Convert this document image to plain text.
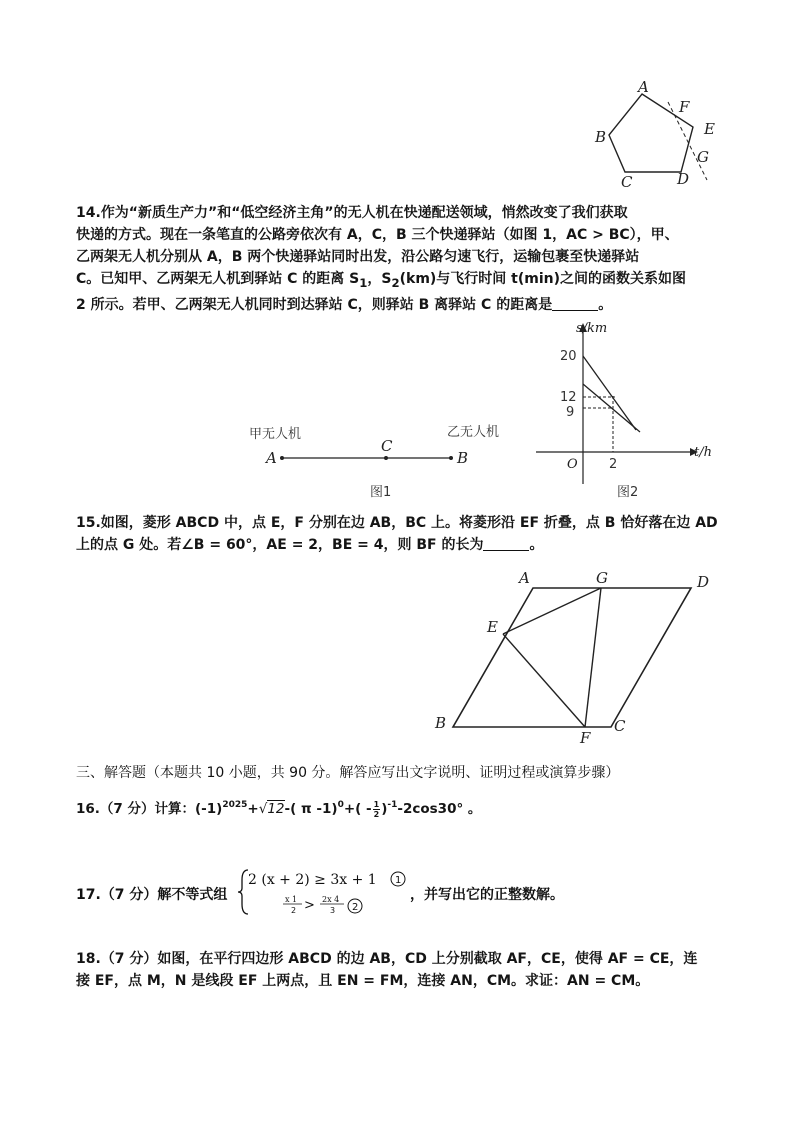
A
F
E
G
D
C
B
14.作为“新质生产力”和“低空经济主角”的无人机在快递配送领域，悄然改变了我们获取
快递的方式。现在一条笔直的公路旁依次有 A，C，B 三个快递驿站（如图 1，AC > BC），甲、
乙两架无人机分别从 A，B 两个快递驿站同时出发，沿公路匀速飞行，运输包裹至快递驿站
C。已知甲、乙两架无人机到驿站 C 的距离 $S_1$，$S_2(km)$与飞行时间 t(min)之间的函数关系如图
2 所示。若甲、乙两架无人机同时到达驿站 C，则驿站 B 离驿站 C 的距离是	。
甲无人机	乙无人机
A
C
B
图1
s/km
t/h
O
20
12
9
2
图2
15.如图，菱形 ABCD 中，点 E，F 分别在边 AB，BC 上。将菱形沿 EF 折叠，点 B 恰好落在边 AD
上的点 G 处。若∠B = 60°，AE = 2，BE = 4，则 BF 的长为	。
A	G	D
E
B
F
C
三、解答题（本题共 10 小题，共 90 分。解答应写出文字说明、证明过程或演算步骤）
16.（7 分）计算：$(-1)^{2025}+√12-$( π $-1)^0+( - \frac{1}{2} )^{-1}-2\cos 30^\circ$ 。
17.（7 分）解不等式组
2 (x + 2) ≥ 3x + 1 1
x 1
2 > 2x 4
3 2
，并写出它的正整数解。
18.（7 分）如图，在平行四边形 ABCD 的边 AB，CD 上分别截取 AF，CE，使得 AF = CE，连
接 EF，点 M，N 是线段 EF 上两点，且 EN = FM，连接 AN，CM。求证：AN = CM。
